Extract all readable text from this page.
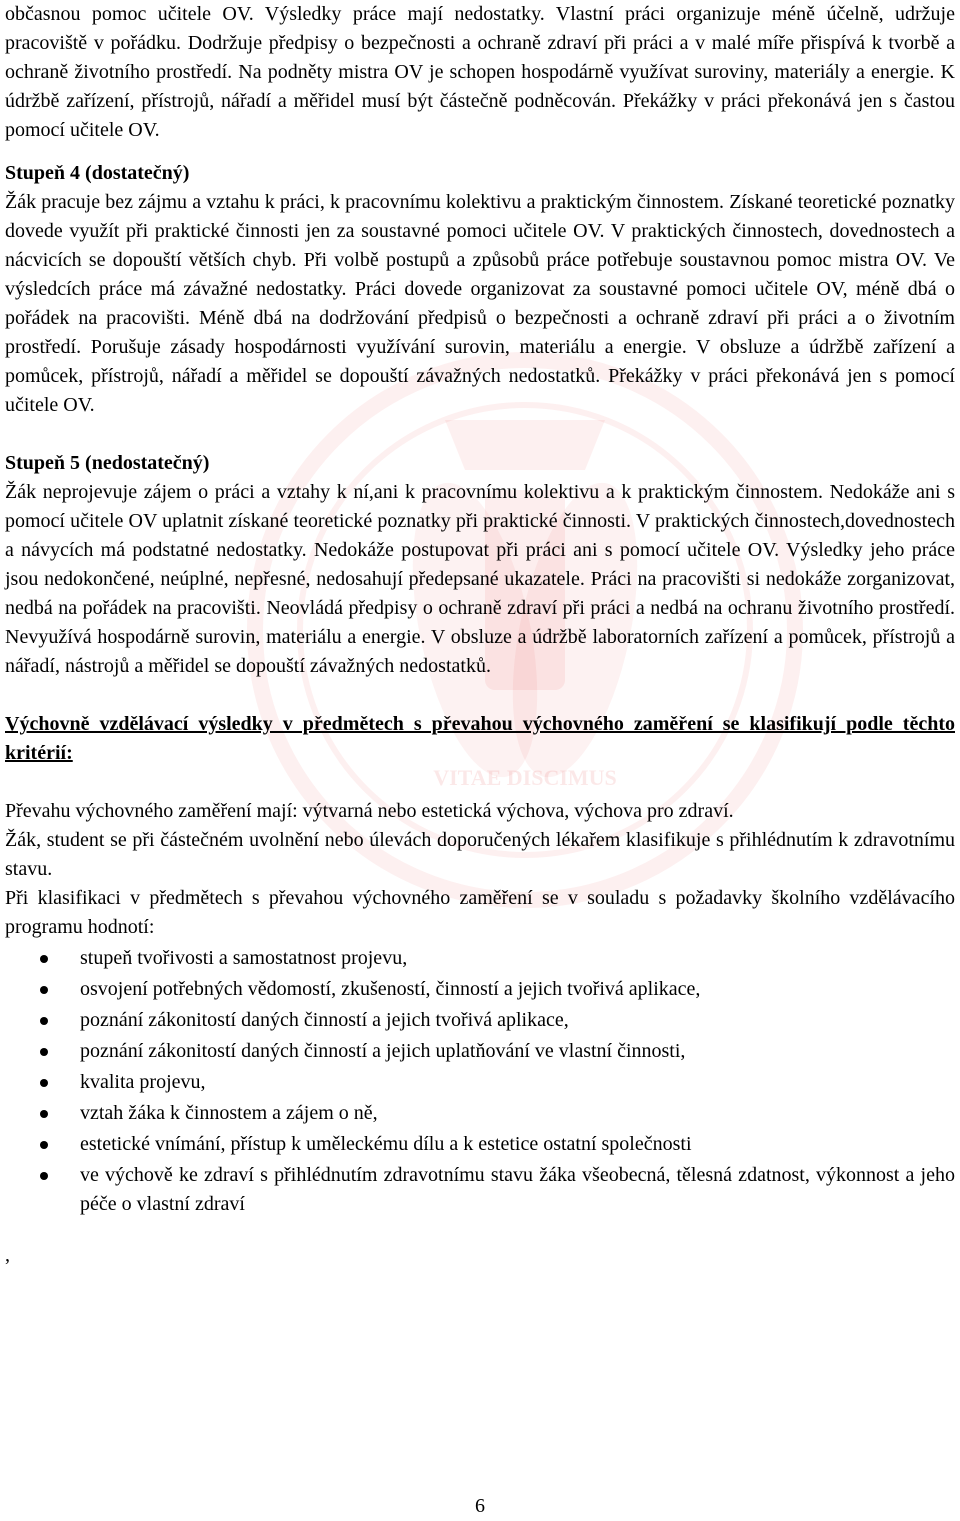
VITAE DISCIMUS

občasnou pomoc učitele OV. Výsledky práce mají nedostatky. Vlastní práci organizuje méně účelně, udržuje pracoviště v pořádku. Dodržuje předpisy o bezpečnosti a ochraně zdraví při práci a v malé míře přispívá k tvorbě a ochraně životního prostředí. Na podněty mistra OV je schopen hospodárně využívat suroviny, materiály a energie. K údržbě zařízení, přístrojů, nářadí a měřidel musí být částečně podněcován. Překážky v práci překonává jen s častou pomocí učitele OV.

Stupeň 4 (dostatečný)

Žák pracuje bez zájmu a vztahu k práci, k pracovnímu kolektivu a praktickým činnostem. Získané teoretické poznatky dovede využít při praktické činnosti jen za soustavné pomoci učitele OV. V praktických činnostech, dovednostech a nácvicích se dopouští větších chyb. Při volbě postupů a způsobů práce potřebuje soustavnou pomoc mistra OV. Ve výsledcích práce má závažné nedostatky. Práci dovede organizovat za soustavné pomoci učitele OV, méně dbá o pořádek na pracovišti. Méně dbá na dodržování předpisů o bezpečnosti a ochraně zdraví při práci a o životním prostředí. Porušuje zásady hospodárnosti využívání surovin, materiálu a energie. V obsluze a údržbě zařízení a pomůcek, přístrojů, nářadí a měřidel se dopouští závažných nedostatků. Překážky v práci překonává jen s pomocí učitele OV.

Stupeň 5 (nedostatečný)

Žák neprojevuje zájem o práci a vztahy k ní,ani k pracovnímu kolektivu a k praktickým činnostem. Nedokáže ani s pomocí učitele OV uplatnit získané teoretické poznatky při praktické činnosti. V praktických činnostech,dovednostech a návycích má podstatné nedostatky. Nedokáže postupovat při práci ani s pomocí učitele OV. Výsledky jeho práce jsou nedokončené, neúplné, nepřesné, nedosahují předepsané ukazatele. Práci na pracovišti si nedokáže zorganizovat, nedbá na pořádek na pracovišti. Neovládá předpisy o ochraně zdraví při práci a nedbá na ochranu životního prostředí. Nevyužívá hospodárně surovin, materiálu a energie. V obsluze a údržbě laboratorních zařízení a pomůcek, přístrojů a nářadí, nástrojů a měřidel se dopouští závažných nedostatků.

Výchovně vzdělávací výsledky v předmětech s převahou výchovného zaměření se klasifikují podle těchto kritérií:

Převahu výchovného zaměření mají: výtvarná nebo estetická výchova, výchova pro zdraví.

Žák, student se při částečném uvolnění nebo úlevách doporučených lékařem klasifikuje s přihlédnutím k zdravotnímu stavu.

Při klasifikaci v předmětech s převahou výchovného zaměření se v souladu s požadavky školního vzdělávacího programu hodnotí:

stupeň tvořivosti a samostatnost projevu,
osvojení potřebných vědomostí, zkušeností, činností a jejich tvořivá aplikace,
poznání zákonitostí daných činností a jejich tvořivá aplikace,
poznání zákonitostí daných činností a jejich uplatňování ve vlastní činnosti,
kvalita projevu,
vztah žáka k činnostem a zájem o ně,
estetické vnímání, přístup k uměleckému dílu a k estetice ostatní společnosti
ve výchově ke zdraví s přihlédnutím zdravotnímu stavu žáka všeobecná, tělesná zdatnost, výkonnost a jeho péče o vlastní zdraví

,

6
